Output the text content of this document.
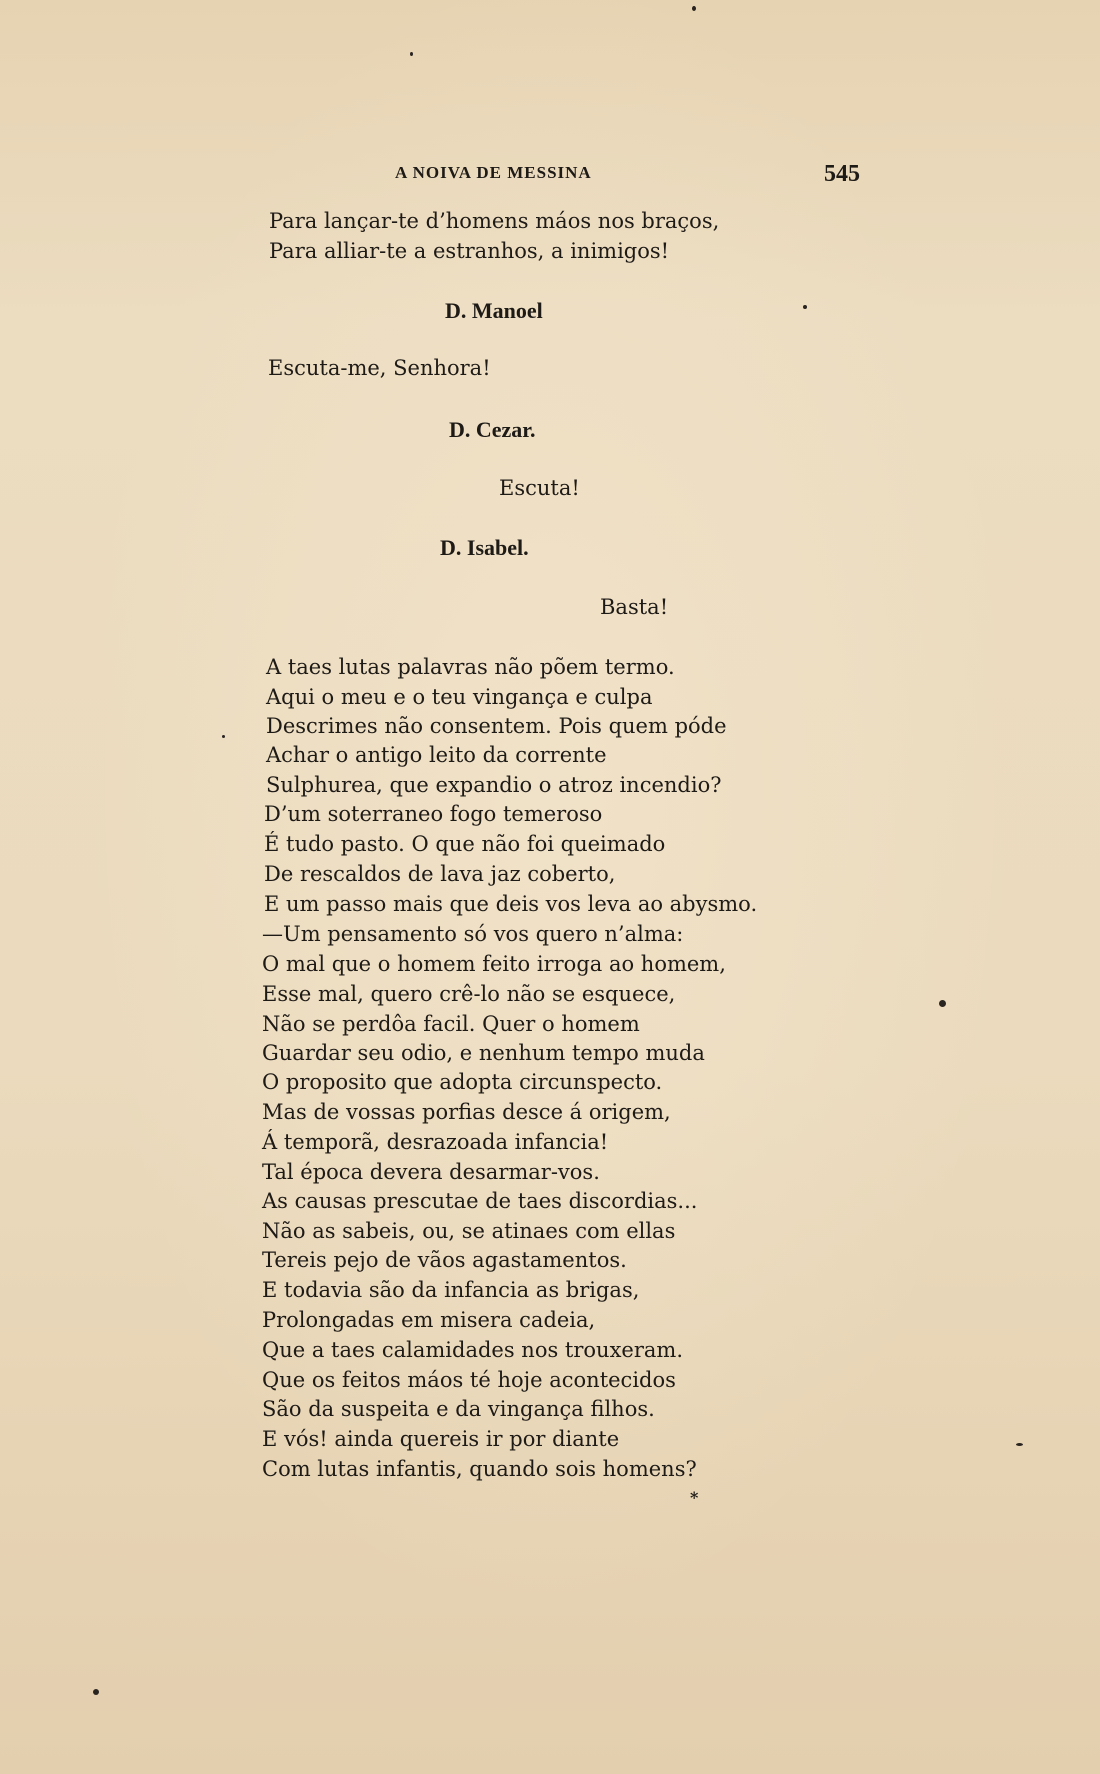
A NOIVA DE MESSINA	545
Para lançar-te d’homens máos nos braços,
Para alliar-te a estranhos, a inimigos!
D. Manoel
Escuta-me, Senhora!
D. Cezar.
Escuta!
D. Isabel.
Basta!
A taes lutas palavras não põem termo.
Aqui o meu e o teu vingança e culpa
Descrimes não consentem. Pois quem póde
Achar o antigo leito da corrente
Sulphurea, que expandio o atroz incendio?
D’um soterraneo fogo temeroso
É tudo pasto. O que não foi queimado
De rescaldos de lava jaz coberto,
E um passo mais que deis vos leva ao abysmo.
—Um pensamento só vos quero n’alma:
O mal que o homem feito irroga ao homem,
Esse mal, quero crê-lo não se esquece,
Não se perdôa facil. Quer o homem
Guardar seu odio, e nenhum tempo muda
O proposito que adopta circunspecto.
Mas de vossas porfias desce á origem,
Á temporã, desrazoada infancia!
Tal época devera desarmar-vos.
As causas prescutae de taes discordias...
Não as sabeis, ou, se atinaes com ellas
Tereis pejo de vãos agastamentos.
E todavia são da infancia as brigas,
Prolongadas em misera cadeia,
Que a taes calamidades nos trouxeram.
Que os feitos máos té hoje acontecidos
São da suspeita e da vingança filhos.
E vós! ainda quereis ir por diante
Com lutas infantis, quando sois homens?
*
